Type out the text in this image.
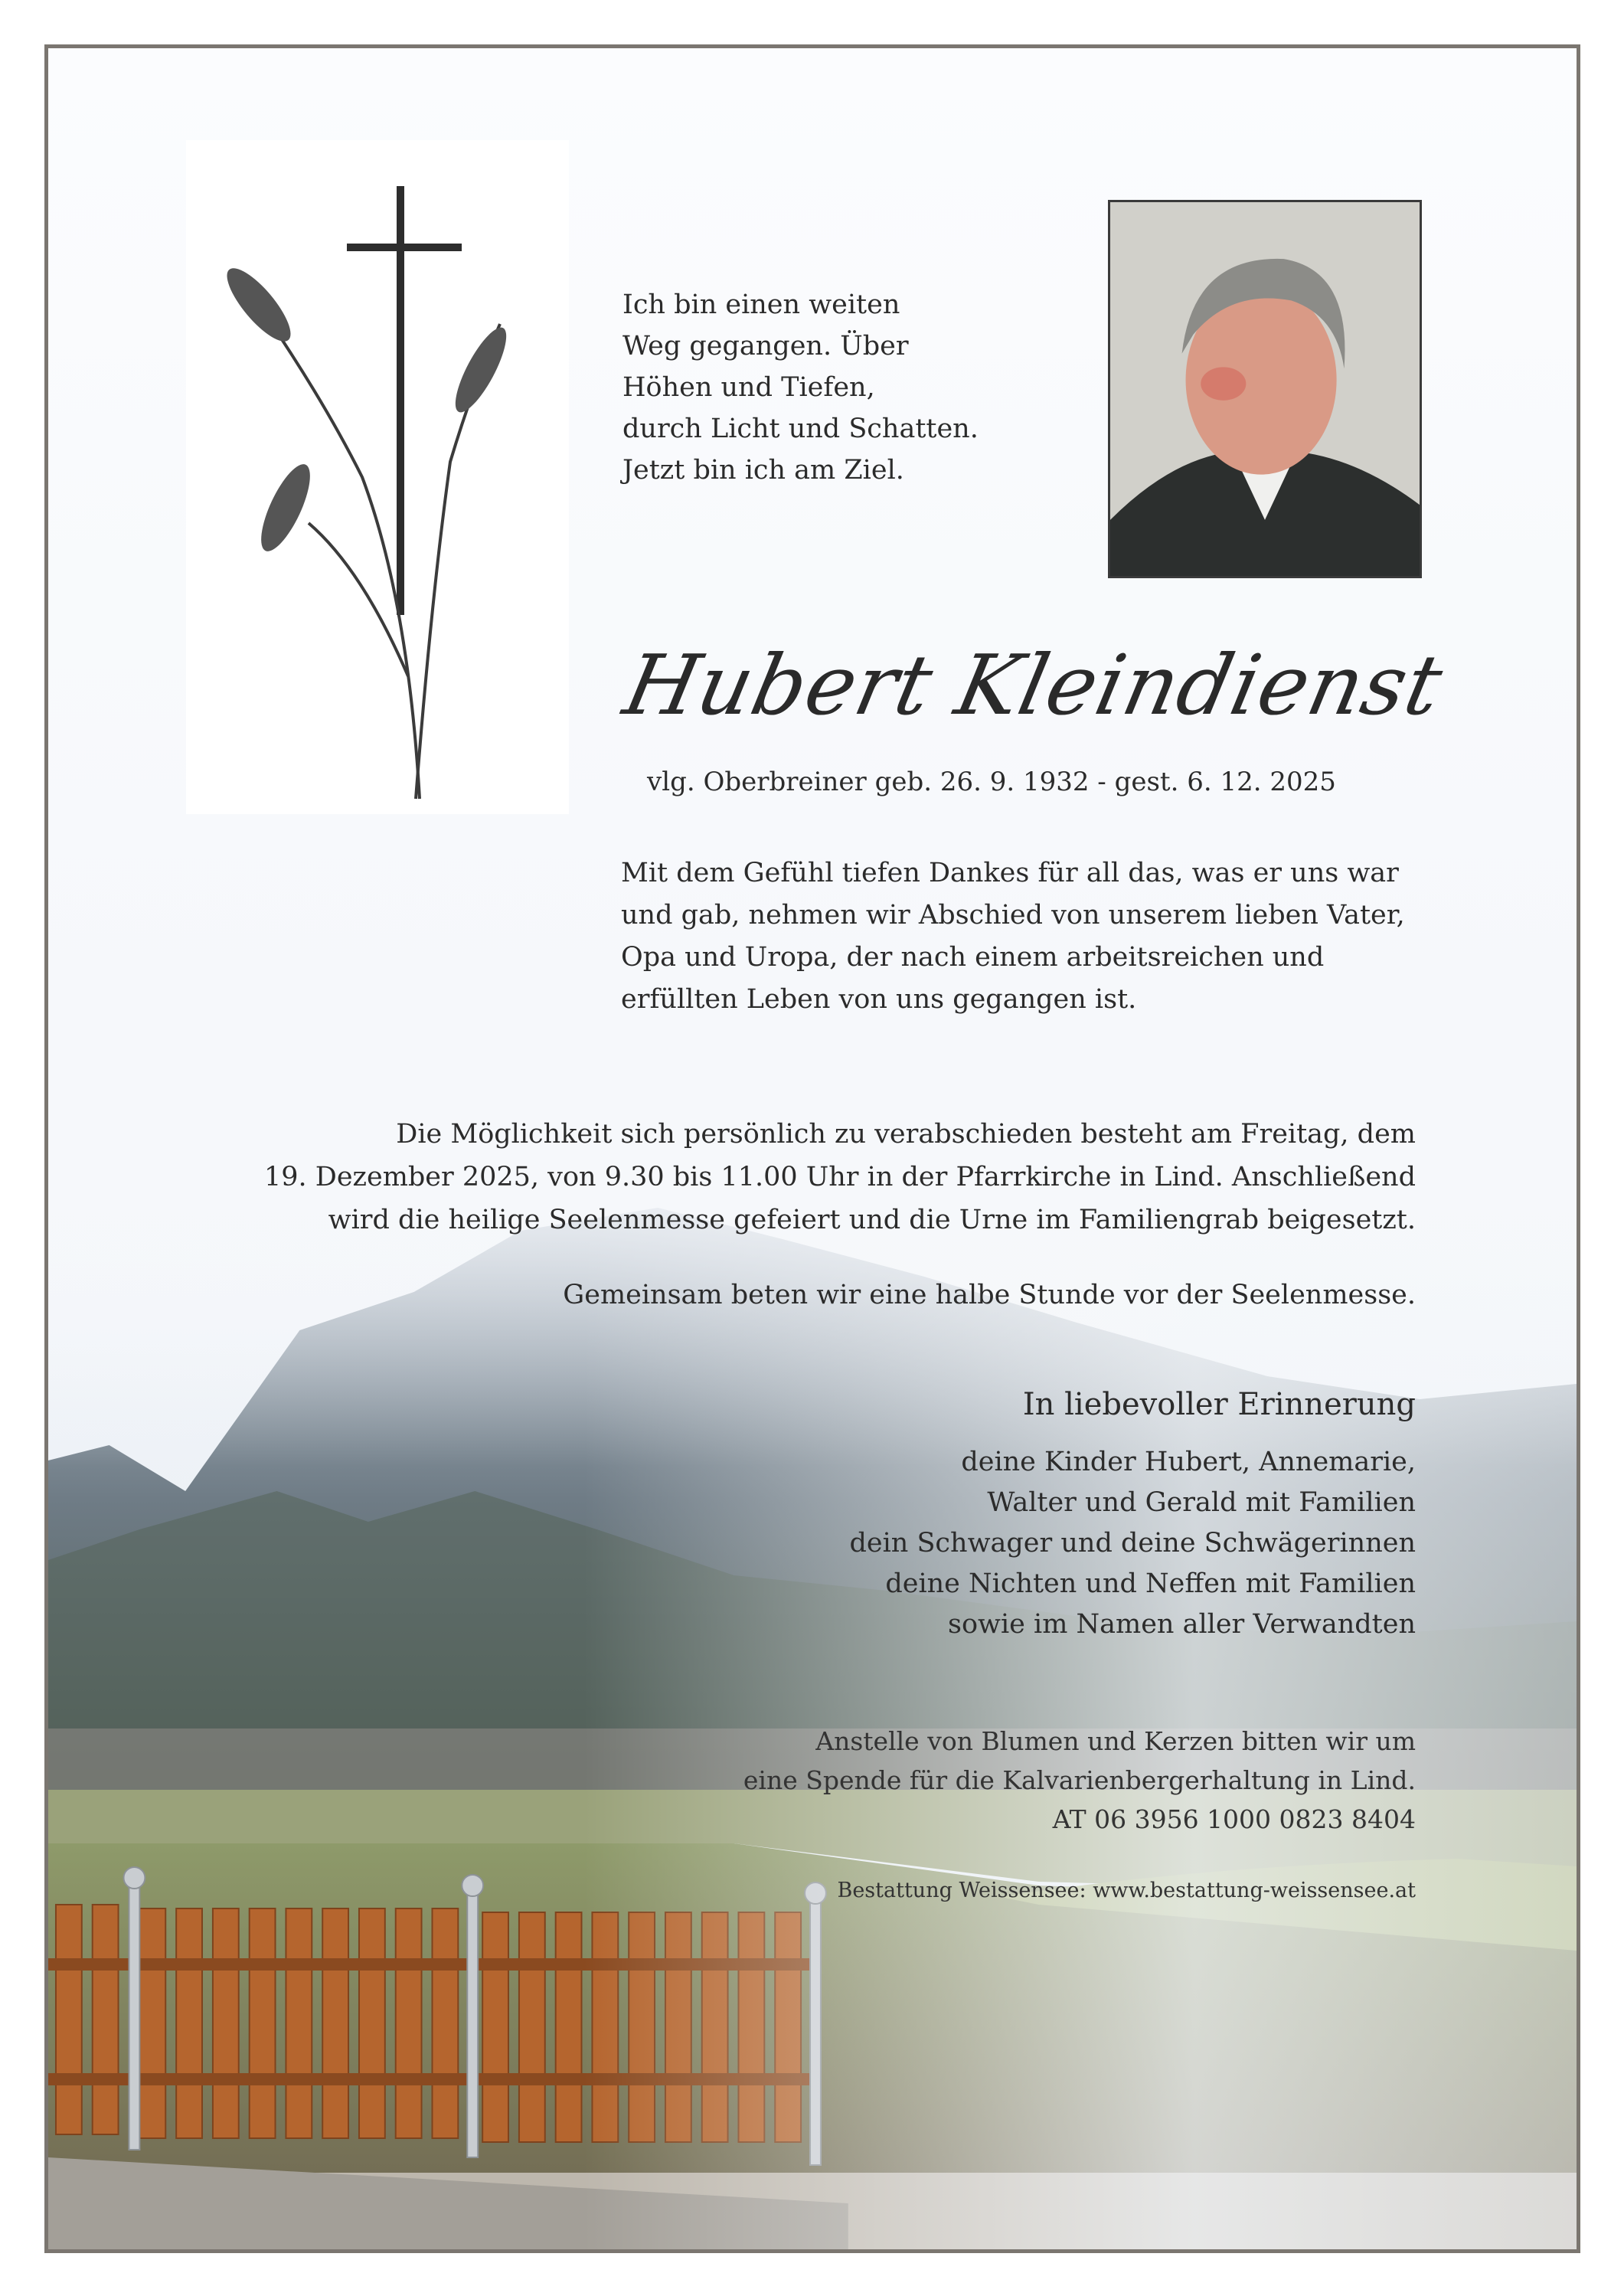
Ich bin einen weiten
Weg gegangen. Über
Höhen und Tiefen,
durch Licht und Schatten.
Jetzt bin ich am Ziel.

Hubert Kleindienst
vlg. Oberbreiner geb. 26. 9. 1932 - gest. 6. 12. 2025

Mit dem Gefühl tiefen Dankes für all das, was er uns war
und gab, nehmen wir Abschied von unserem lieben Vater,
Opa und Uropa, der nach einem arbeitsreichen und
erfüllten Leben von uns gegangen ist.

Die Möglichkeit sich persönlich zu verabschieden besteht am Freitag, dem
19. Dezember 2025, von 9.30 bis 11.00 Uhr in der Pfarrkirche in Lind. Anschließend
wird die heilige Seelenmesse gefeiert und die Urne im Familiengrab beigesetzt.

Gemeinsam beten wir eine halbe Stunde vor der Seelenmesse.
In liebevoller Erinnerung

deine Kinder Hubert, Annemarie,
Walter und Gerald mit Familien
dein Schwager und deine Schwägerinnen
deine Nichten und Neffen mit Familien
sowie im Namen aller Verwandten

Anstelle von Blumen und Kerzen bitten wir um
eine Spende für die Kalvarienbergerhaltung in Lind.
AT 06 3956 1000 0823 8404

Bestattung Weissensee: www.bestattung-weissensee.at
